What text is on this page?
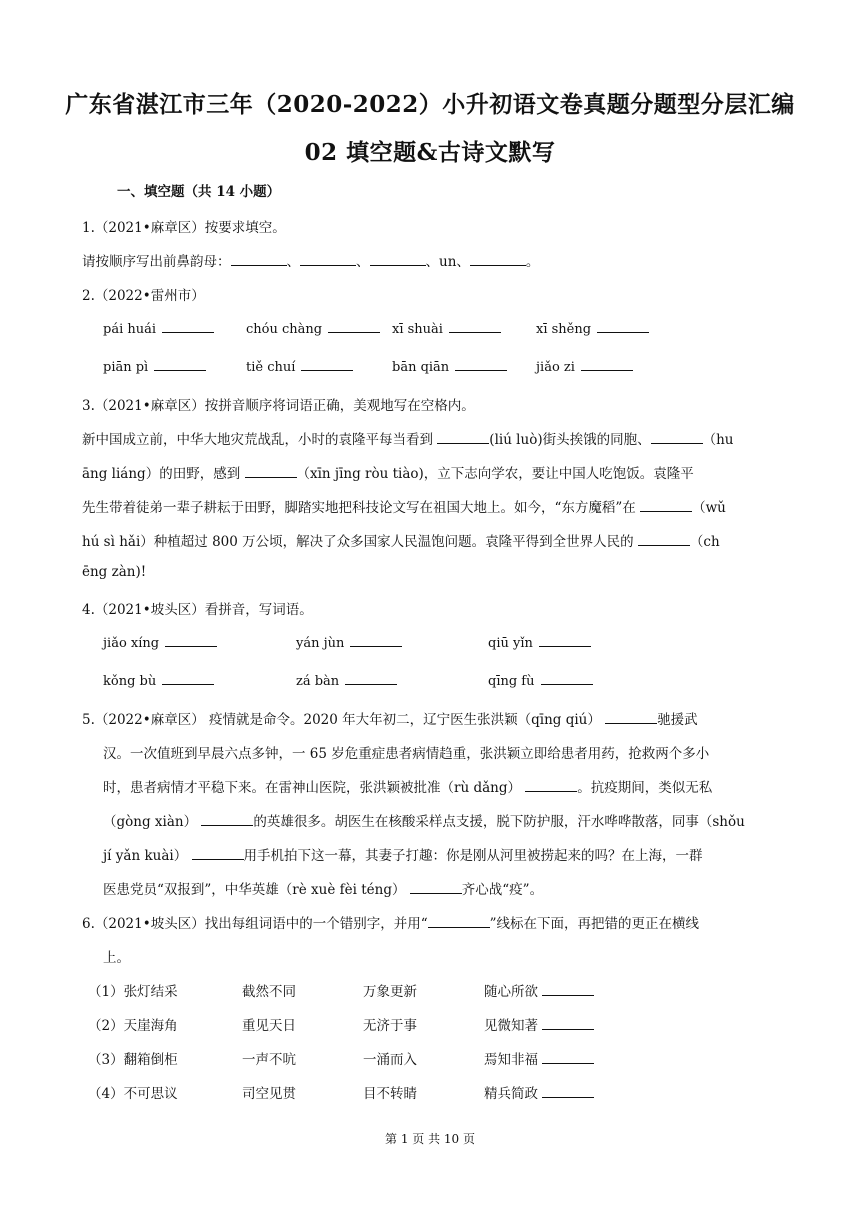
广东省湛江市三年（2020-2022）小升初语文卷真题分题型分层汇编
02 填空题&古诗文默写
一、填空题（共 14 小题）
1.（2021•麻章区）按要求填空。
请按顺序写出前鼻韵母：	、	、	、un、	。
2.（2022•雷州市）
pái huái	chóu chàng	xī shuài	xī shěng
piān pì	tiě chuí	bān qiān	jiǎo zi
3.（2021•麻章区）按拼音顺序将词语正确，美观地写在空格内。
新中国成立前，中华大地灾荒战乱，小时的袁隆平每当看到	(liú luò)街头挨饿的同胞、	（hu
āng liáng）的田野，感到	（xīn jīng ròu tiào)，立下志向学农，要让中国人吃饱饭。袁隆平
先生带着徒弟一辈子耕耘于田野，脚踏实地把科技论文写在祖国大地上。如今，“东方魔稻”在	（wǔ
hú sì hǎi）种植超过 800 万公顷，解决了众多国家人民温饱问题。袁隆平得到全世界人民的	（ch
ēng zàn)!
4.（2021•坡头区）看拼音，写词语。
jiǎo xíng	yán jùn	qiū yǐn
kǒng bù	zá bàn	qīng fù
5.（2022•麻章区） 疫情就是命令。2020 年大年初二，辽宁医生张洪颖（qīng qiú）	驰援武
汉。一次值班到早晨六点多钟，一 65 岁危重症患者病情趋重，张洪颖立即给患者用药，抢救两个多小
时，患者病情才平稳下来。在雷神山医院，张洪颖被批准（rù dǎng）	。抗疫期间，类似无私
（gòng xiàn）	的英雄很多。胡医生在核酸采样点支援，脱下防护服，汗水哗哗散落，同事（shǒu
jí yǎn kuài）	用手机拍下这一幕，其妻子打趣：你是刚从河里被捞起来的吗？在上海，一群
医患党员“双报到”，中华英雄（rè xuè fèi téng）	齐心战“疫”。
6.（2021•坡头区）找出每组词语中的一个错别字，并用“	”线标在下面，再把错的更正在横线
上。
（1）张灯结采	截然不同	万象更新	随心所欲
（2）天崖海角	重见天日	无济于事	见微知著
（3）翻箱倒柜	一声不吭	一涌而入	焉知非福
（4）不可思议	司空见贯	目不转睛	精兵简政
第 1 页 共 10 页
